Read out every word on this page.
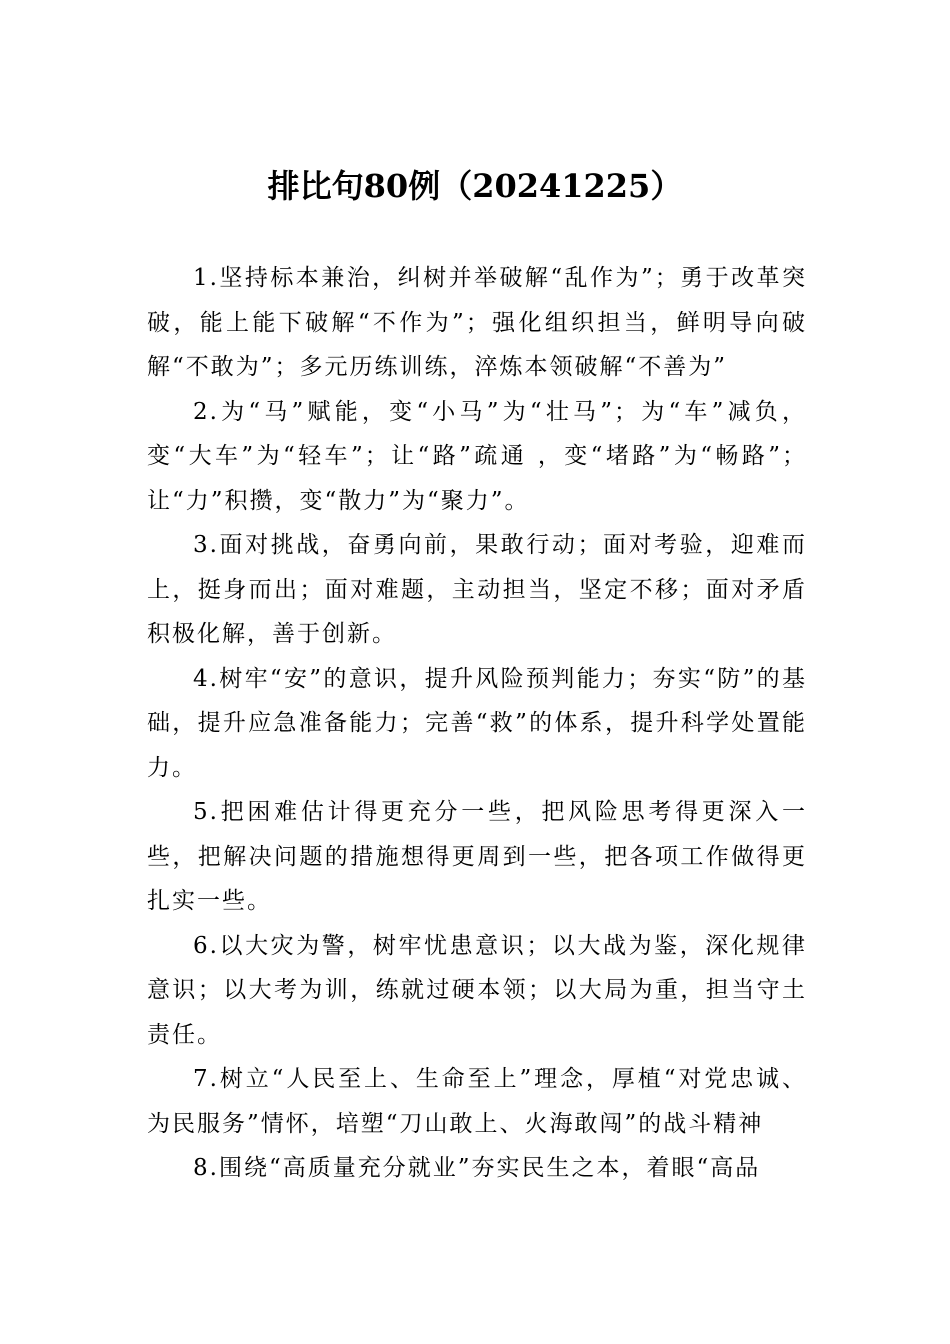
排比句80例（20241225）

1.坚持标本兼治，纠树并举破解“乱作为”；勇于改革突破，能上能下破解“不作为”；强化组织担当，鲜明导向破解“不敢为”；多元历练训练，淬炼本领破解“不善为”

2.为“马”赋能，变“小马”为“壮马”；为“车”减负，变“大车”为“轻车”；让“路”疏通 ，变“堵路”为“畅路”；让“力”积攒，变“散力”为“聚力”。

3.面对挑战，奋勇向前，果敢行动；面对考验，迎难而上，挺身而出；面对难题，主动担当，坚定不移；面对矛盾积极化解，善于创新。

4.树牢“安”的意识，提升风险预判能力；夯实“防”的基础，提升应急准备能力；完善“救”的体系，提升科学处置能力。

5.把困难估计得更充分一些，把风险思考得更深入一些，把解决问题的措施想得更周到一些，把各项工作做得更扎实一些。

6.以大灾为警，树牢忧患意识；以大战为鉴，深化规律意识；以大考为训，练就过硬本领；以大局为重，担当守土责任。

7.树立“人民至上、生命至上”理念，厚植“对党忠诚、为民服务”情怀，培塑“刀山敢上、火海敢闯”的战斗精神

8.围绕“高质量充分就业”夯实民生之本，着眼“高品
